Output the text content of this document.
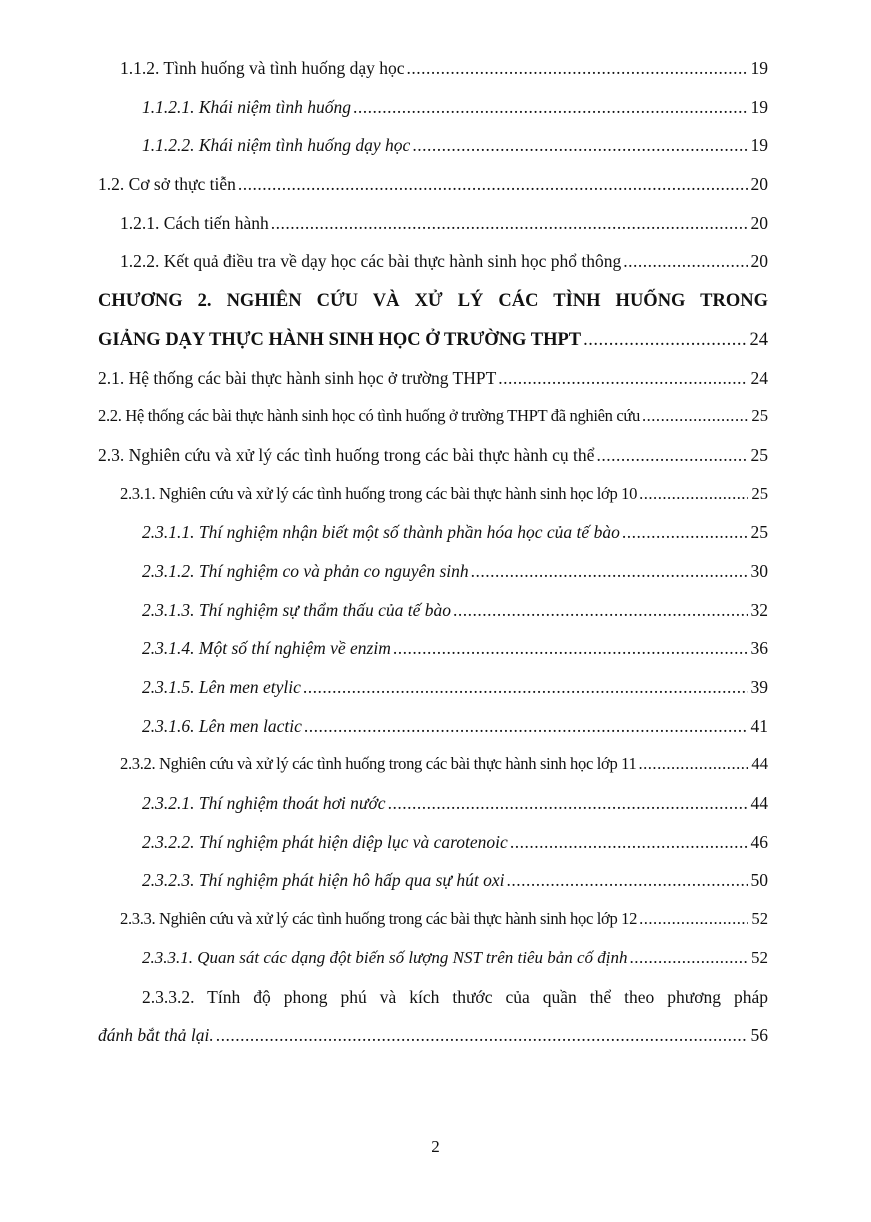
1.1.2. Tình huống và tình huống dạy học .....	19
1.1.2.1. Khái niệm tình huống .....	19
1.1.2.2. Khái niệm tình huống dạy học .....	19
1.2. Cơ sở thực tiễn .....	20
1.2.1. Cách tiến hành .....	20
1.2.2. Kết quả điều tra về dạy học các bài thực hành sinh học phổ thông .....	20
CHƯƠNG 2. NGHIÊN CỨU VÀ XỬ LÝ CÁC TÌNH HUỐNG TRONG
GIẢNG DẠY THỰC HÀNH SINH HỌC Ở TRƯỜNG THPT .....	24
2.1. Hệ thống các bài thực hành sinh học ở trường THPT .....	24
2.2. Hệ thống các bài thực hành sinh học có tình huống ở trường THPT đã nghiên cứu .....	25
2.3. Nghiên cứu và xử lý các tình huống trong các bài thực hành cụ thể .....	25
2.3.1. Nghiên cứu và xử lý các tình huống trong các bài thực hành sinh học lớp 10 .....	25
2.3.1.1. Thí nghiệm nhận biết một số thành phần hóa học của tế bào .....	25
2.3.1.2. Thí nghiệm co và phản co nguyên sinh .....	30
2.3.1.3. Thí nghiệm sự thẩm thấu của tế bào .....	32
2.3.1.4. Một số thí nghiệm về enzim .....	36
2.3.1.5. Lên men etylic .....	39
2.3.1.6. Lên men lactic .....	41
2.3.2. Nghiên cứu và xử lý các tình huống trong các bài thực hành sinh học lớp 11 .....	44
2.3.2.1. Thí nghiệm thoát hơi nước .....	44
2.3.2.2. Thí nghiệm phát hiện diệp lục và carotenoic .....	46
2.3.2.3. Thí nghiệm phát hiện hô hấp qua sự hút oxi .....	50
2.3.3. Nghiên cứu và xử lý các tình huống trong các bài thực hành sinh học lớp 12 .....	52
2.3.3.1. Quan sát các dạng đột biến số lượng NST trên tiêu bản cố định .....	52
2.3.3.2. Tính độ phong phú và kích thước của quần thể theo phương pháp
đánh bắt thả lại. .....	56
2
